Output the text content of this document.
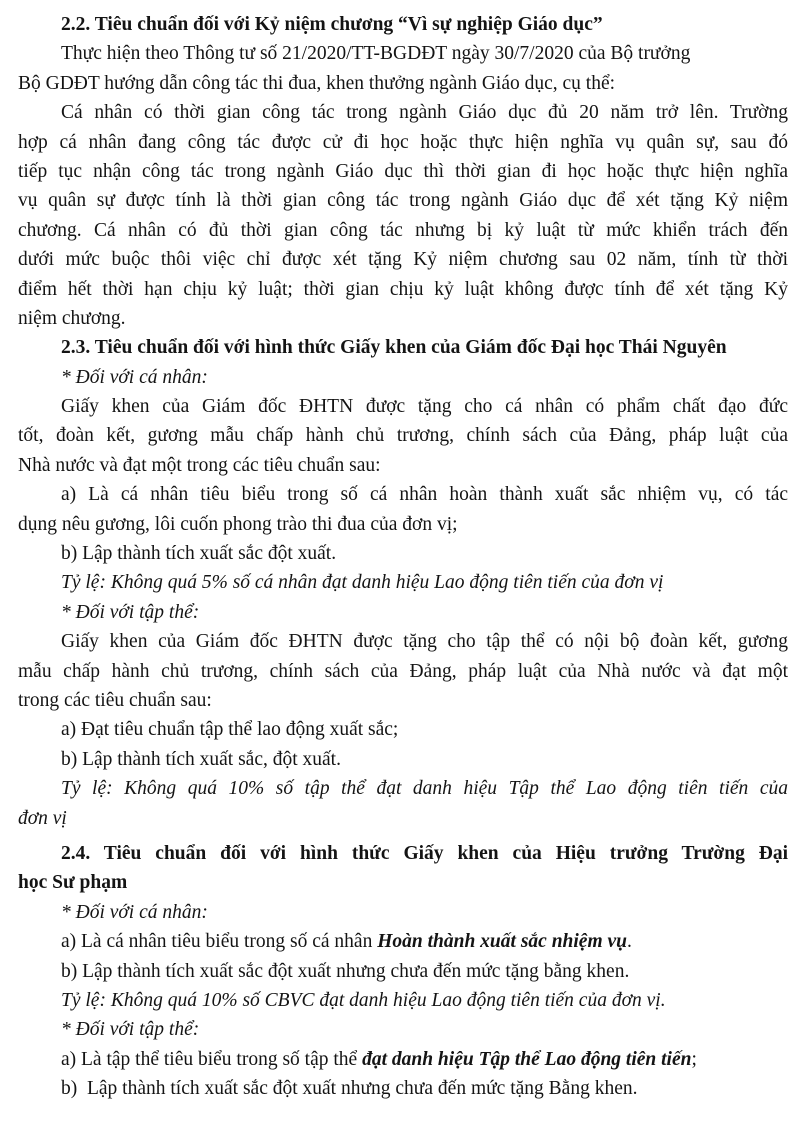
2.2. Tiêu chuẩn đối với Kỷ niệm chương “Vì sự nghiệp Giáo dục”
Thực hiện theo Thông tư số 21/2020/TT-BGDĐT ngày 30/7/2020 của Bộ trưởng
Bộ GDĐT hướng dẫn công tác thi đua, khen thưởng ngành Giáo dục, cụ thể:
Cá nhân có thời gian công tác trong ngành Giáo dục đủ 20 năm trở lên. Trường
hợp cá nhân đang công tác được cử đi học hoặc thực hiện nghĩa vụ quân sự, sau đó
tiếp tục nhận công tác trong ngành Giáo dục thì thời gian đi học hoặc thực hiện nghĩa
vụ quân sự được tính là thời gian công tác trong ngành Giáo dục để xét tặng Kỷ niệm
chương. Cá nhân có đủ thời gian công tác nhưng bị kỷ luật từ mức khiển trách đến
dưới mức buộc thôi việc chỉ được xét tặng Kỷ niệm chương sau 02 năm, tính từ thời
điểm hết thời hạn chịu kỷ luật; thời gian chịu kỷ luật không được tính để xét tặng Kỷ
niệm chương.
2.3. Tiêu chuẩn đối với hình thức Giấy khen của Giám đốc Đại học Thái Nguyên
* Đối với cá nhân:
Giấy khen của Giám đốc ĐHTN được tặng cho cá nhân có phẩm chất đạo đức
tốt, đoàn kết, gương mẫu chấp hành chủ trương, chính sách của Đảng, pháp luật của
Nhà nước và đạt một trong các tiêu chuẩn sau:
a) Là cá nhân tiêu biểu trong số cá nhân hoàn thành xuất sắc nhiệm vụ, có tác
dụng nêu gương, lôi cuốn phong trào thi đua của đơn vị;
b) Lập thành tích xuất sắc đột xuất.
Tỷ lệ: Không quá 5% số cá nhân đạt danh hiệu Lao động tiên tiến của đơn vị
* Đối với tập thể:
Giấy khen của Giám đốc ĐHTN được tặng cho tập thể có nội bộ đoàn kết, gương
mẫu chấp hành chủ trương, chính sách của Đảng, pháp luật của Nhà nước và đạt một
trong các tiêu chuẩn sau:
a) Đạt tiêu chuẩn tập thể lao động xuất sắc;
b) Lập thành tích xuất sắc, đột xuất.
Tỷ lệ: Không quá 10% số tập thể đạt danh hiệu Tập thể Lao động tiên tiến của
đơn vị
2.4. Tiêu chuẩn đối với hình thức Giấy khen của Hiệu trưởng Trường Đại
học Sư phạm
* Đối với cá nhân:
a) Là cá nhân tiêu biểu trong số cá nhân Hoàn thành xuất sắc nhiệm vụ.
b) Lập thành tích xuất sắc đột xuất nhưng chưa đến mức tặng bằng khen.
Tỷ lệ: Không quá 10% số CBVC đạt danh hiệu Lao động tiên tiến của đơn vị.
* Đối với tập thể:
a) Là tập thể tiêu biểu trong số tập thể đạt danh hiệu Tập thể Lao động tiên tiến;
b)  Lập thành tích xuất sắc đột xuất nhưng chưa đến mức tặng Bằng khen.
